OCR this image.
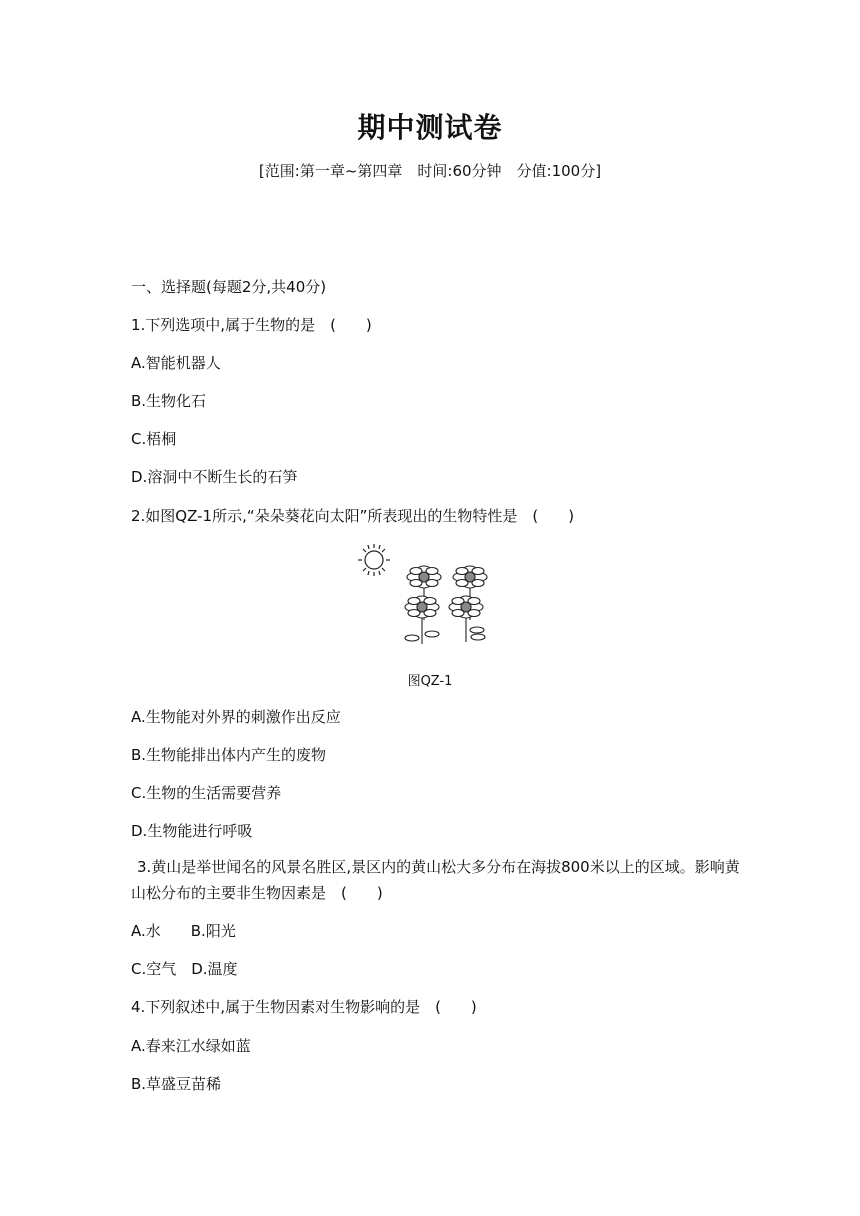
期中测试卷
[范围:第一章~第四章　时间:60分钟　分值:100分]
一、选择题(每题2分,共40分)
1.下列选项中,属于生物的是　(　　)
A.智能机器人
B.生物化石
C.梧桐
D.溶洞中不断生长的石笋
2.如图QZ-1所示,“朵朵葵花向太阳”所表现出的生物特性是　(　　)
图QZ-1
A.生物能对外界的刺激作出反应
B.生物能排出体内产生的废物
C.生物的生活需要营养
D.生物能进行呼吸
3.黄山是举世闻名的风景名胜区,景区内的黄山松大多分布在海拔800米以上的区域。影响黄山松分布的主要非生物因素是　(　　)
A.水　　B.阳光
C.空气　D.温度
4.下列叙述中,属于生物因素对生物影响的是　(　　)
A.春来江水绿如蓝
B.草盛豆苗稀
